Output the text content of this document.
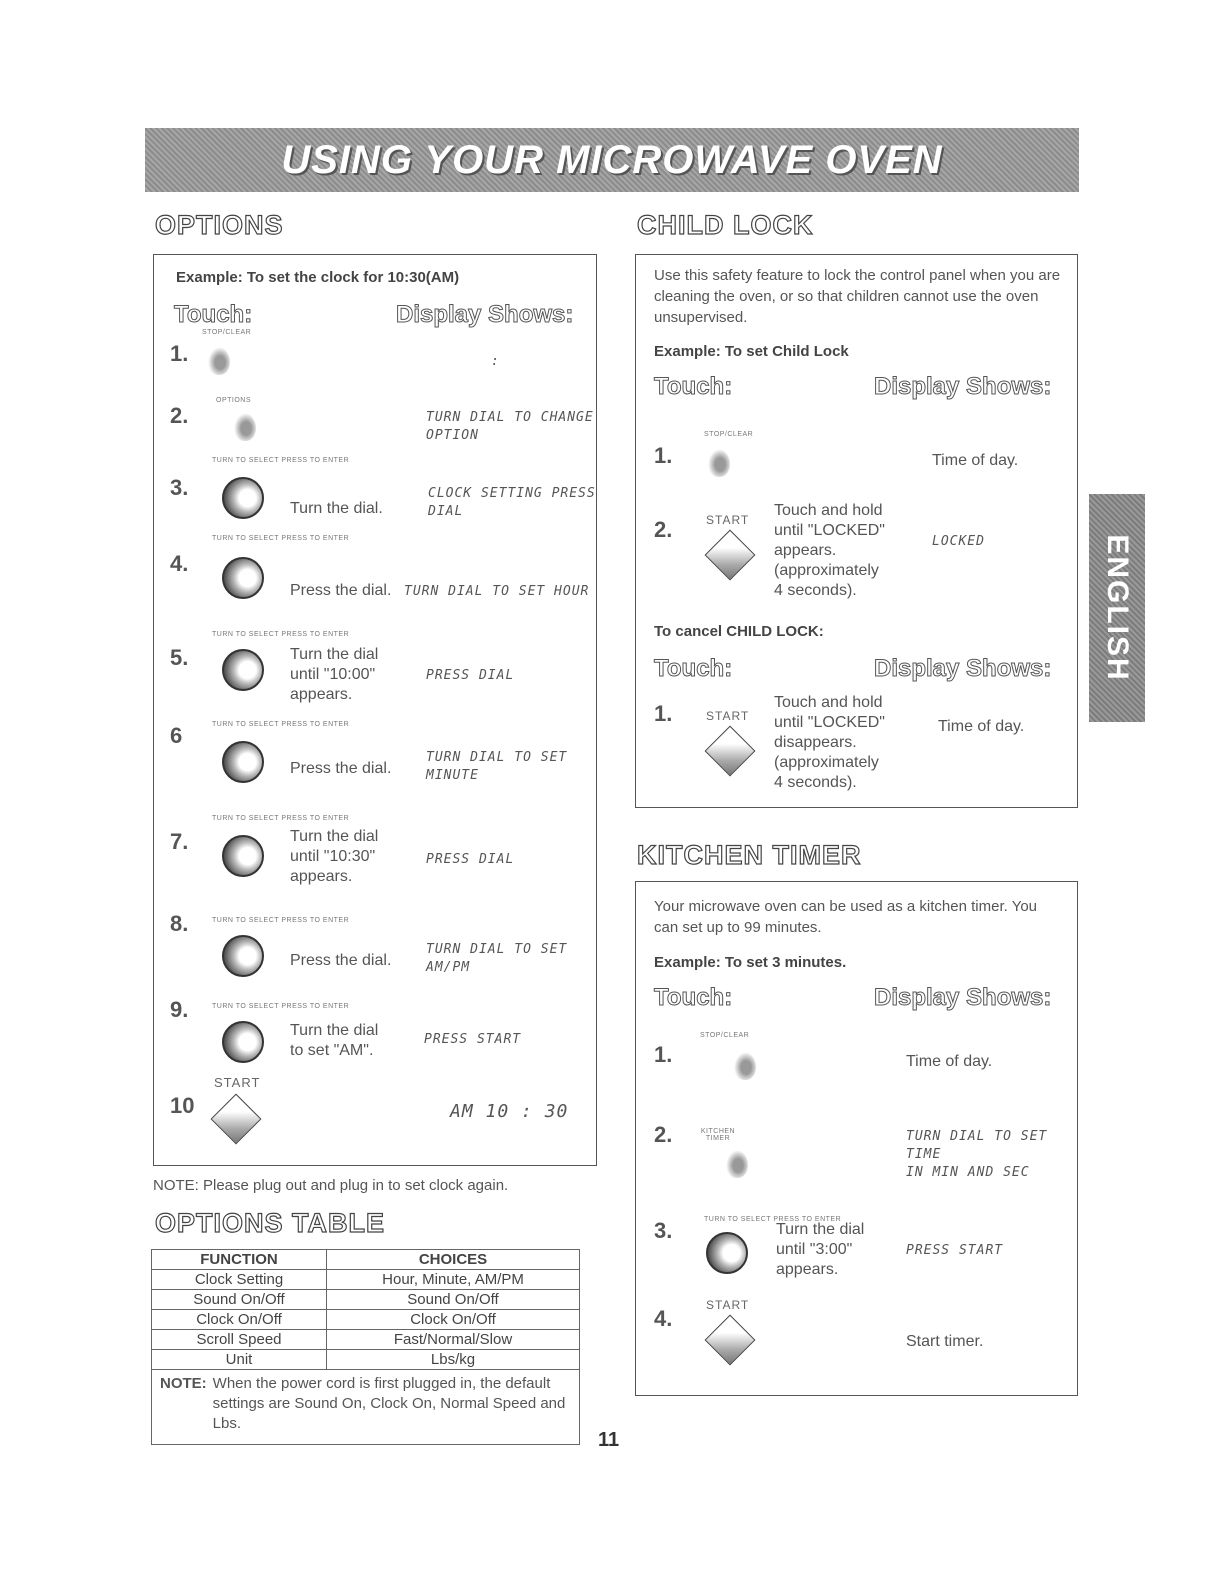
USING YOUR MICROWAVE OVEN
OPTIONS
Example: To set the clock for 10:30(AM)
Touch:	Display Shows:
1.
STOP/CLEAR
:
2.
OPTIONS
TURN DIAL TO CHANGE
OPTION
3.
TURN TO SELECT PRESS TO ENTER
Turn the dial.
CLOCK SETTING PRESS
DIAL
4.
TURN TO SELECT PRESS TO ENTER
Press the dial. TURN DIAL TO SET HOUR
5.
TURN TO SELECT PRESS TO ENTER
Turn the dial
until "10:00"
appears.
PRESS DIAL
6	TURN TO SELECT PRESS TO ENTER
Press the dial.
TURN DIAL TO SET
MINUTE
7.
TURN TO SELECT PRESS TO ENTER
Turn the dial
until "10:30"
appears.
PRESS DIAL
8.	TURN TO SELECT PRESS TO ENTER
Press the dial.
TURN DIAL TO SET
AM/PM
9.	TURN TO SELECT PRESS TO ENTER
Turn the dial
to set "AM".
PRESS START
10
START
AM 10 : 30
NOTE: Please plug out and plug in to set clock again.
OPTIONS TABLE
FUNCTION	CHOICES
Clock Setting	Hour, Minute, AM/PM
Sound On/Off	Sound On/Off
Clock On/Off	Clock On/Off
Scroll Speed	Fast/Normal/Slow
Unit	Lbs/kg

NOTE: When the power cord is first plugged in, the default settings are Sound On, Clock On, Normal Speed and Lbs.	
CHILD LOCK
Use this safety feature to lock the control panel when you are cleaning the oven, or so that children cannot use the oven unsupervised.
Example: To set Child Lock
Touch:	Display Shows:
1.
STOP/CLEAR
Time of day.
2.	START
Touch and hold
until "LOCKED"
appears.
(approximately
4 seconds).
LOCKED
To cancel CHILD LOCK:
Touch:	Display Shows:
1.	START
Touch and hold
until "LOCKED"
disappears.
(approximately
4 seconds).
Time of day.
KITCHEN TIMER
Your microwave oven can be used as a kitchen timer. You can set up to 99 minutes.
Example: To set 3 minutes.
Touch:	Display Shows:
1.
STOP/CLEAR
Time of day.
2.	KITCHEN TIMER	TURN DIAL TO SET TIME
IN MIN AND SEC
3.	TURN TO SELECT PRESS TO ENTER
Turn the dial
until "3:00"
appears.
PRESS START
4.
START
Start timer.
ENGLISH
11
